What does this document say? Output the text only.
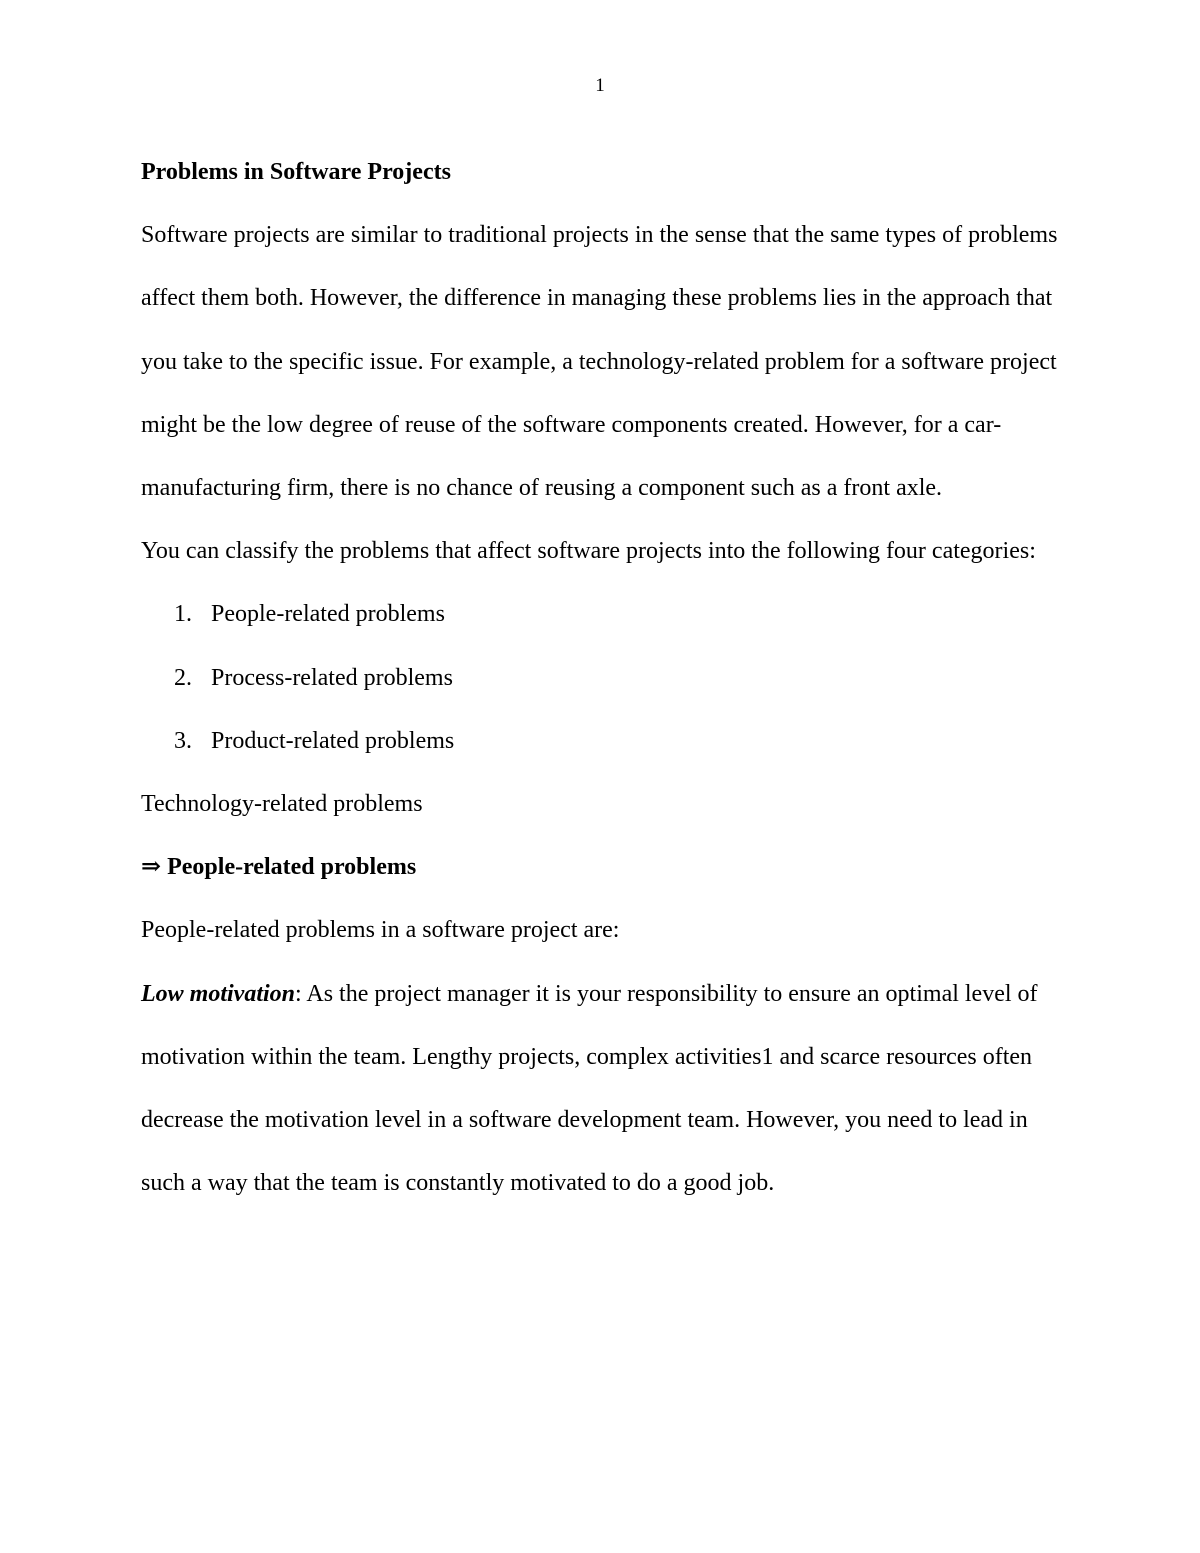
1

Problems in Software Projects

Software projects are similar to traditional projects in the sense that the same types of problems affect them both. However, the difference in managing these problems lies in the approach that you take to the specific issue. For example, a technology-related problem for a software project might be the low degree of reuse of the software components created. However, for a car-manufacturing firm, there is no chance of reusing a component such as a front axle.

You can classify the problems that affect software projects into the following four categories:

1. People-related problems
2. Process-related problems
3. Product-related problems

Technology-related problems

⇒ People-related problems

People-related problems in a software project are:

Low motivation: As the project manager it is your responsibility to ensure an optimal level of motivation within the team. Lengthy projects, complex activities1 and scarce resources often decrease the motivation level in a software development team. However, you need to lead in such a way that the team is constantly motivated to do a good job.
